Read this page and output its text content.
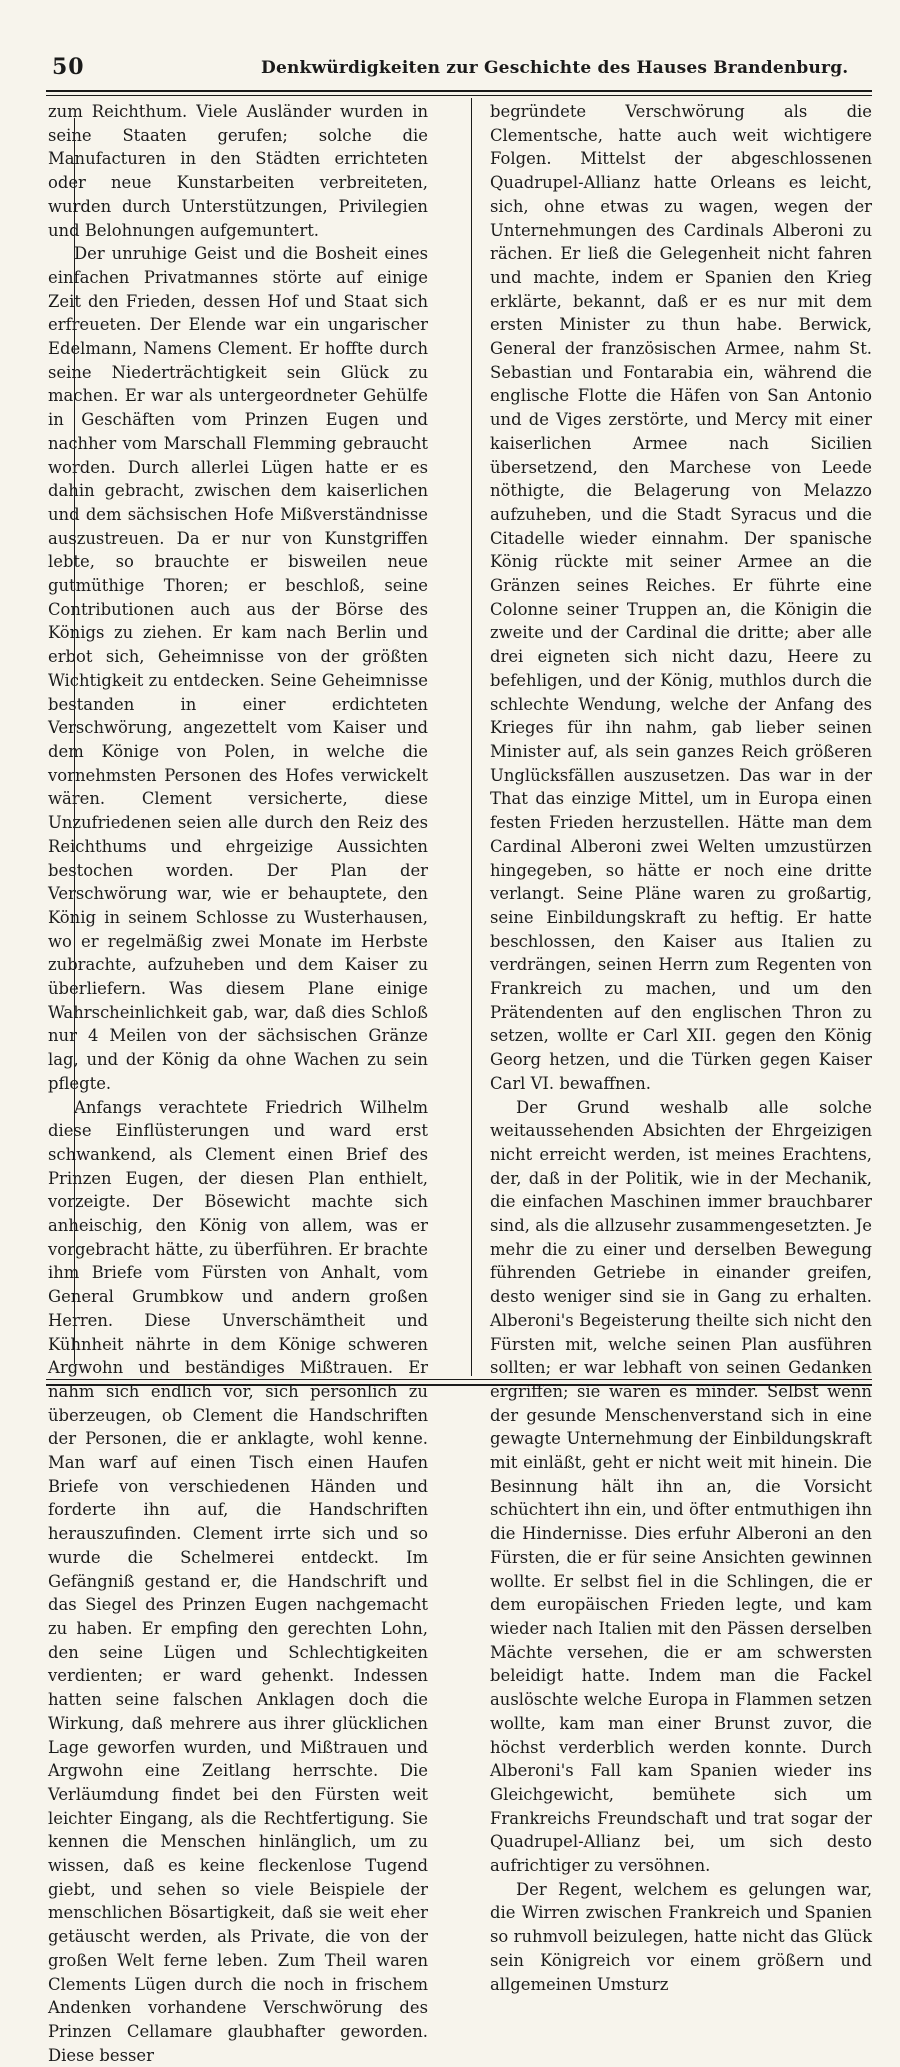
50	Denkwürdigkeiten zur Geschichte des Hauses Brandenburg.

zum Reichthum. Viele Ausländer wurden in seine Staaten gerufen; solche die Manufacturen in den Städten errichteten oder neue Kunstarbeiten verbreiteten, wurden durch Unterstützungen, Privilegien und Belohnungen aufgemuntert.

Der unruhige Geist und die Bosheit eines einfachen Privatmannes störte auf einige Zeit den Frieden, dessen Hof und Staat sich erfreueten. Der Elende war ein ungarischer Edelmann, Namens Clement. Er hoffte durch seine Niederträchtigkeit sein Glück zu machen. Er war als untergeordneter Gehülfe in Geschäften vom Prinzen Eugen und nachher vom Marschall Flemming gebraucht worden. Durch allerlei Lügen hatte er es dahin gebracht, zwischen dem kaiserlichen und dem sächsischen Hofe Mißverständnisse auszustreuen. Da er nur von Kunstgriffen lebte, so brauchte er bisweilen neue gutmüthige Thoren; er beschloß, seine Contributionen auch aus der Börse des Königs zu ziehen. Er kam nach Berlin und erbot sich, Geheimnisse von der größten Wichtigkeit zu entdecken. Seine Geheimnisse bestanden in einer erdichteten Verschwörung, angezettelt vom Kaiser und dem Könige von Polen, in welche die vornehmsten Personen des Hofes verwickelt wären. Clement versicherte, diese Unzufriedenen seien alle durch den Reiz des Reichthums und ehrgeizige Aussichten bestochen worden. Der Plan der Verschwörung war, wie er behauptete, den König in seinem Schlosse zu Wusterhausen, wo er regelmäßig zwei Monate im Herbste zubrachte, aufzuheben und dem Kaiser zu überliefern. Was diesem Plane einige Wahrscheinlichkeit gab, war, daß dies Schloß nur 4 Meilen von der sächsischen Gränze lag, und der König da ohne Wachen zu sein pflegte.

Anfangs verachtete Friedrich Wilhelm diese Einflüsterungen und ward erst schwankend, als Clement einen Brief des Prinzen Eugen, der diesen Plan enthielt, vorzeigte. Der Bösewicht machte sich anheischig, den König von allem, was er vorgebracht hätte, zu überführen. Er brachte ihm Briefe vom Fürsten von Anhalt, vom General Grumbkow und andern großen Herren. Diese Unverschämtheit und Kühnheit nährte in dem Könige schweren Argwohn und beständiges Mißtrauen. Er nahm sich endlich vor, sich persönlich zu überzeugen, ob Clement die Handschriften der Personen, die er anklagte, wohl kenne. Man warf auf einen Tisch einen Haufen Briefe von verschiedenen Händen und forderte ihn auf, die Handschriften herauszufinden. Clement irrte sich und so wurde die Schelmerei entdeckt. Im Gefängniß gestand er, die Handschrift und das Siegel des Prinzen Eugen nachgemacht zu haben. Er empfing den gerechten Lohn, den seine Lügen und Schlechtigkeiten verdienten; er ward gehenkt. Indessen hatten seine falschen Anklagen doch die Wirkung, daß mehrere aus ihrer glücklichen Lage geworfen wurden, und Mißtrauen und Argwohn eine Zeitlang herrschte. Die Verläumdung findet bei den Fürsten weit leichter Eingang, als die Rechtfertigung. Sie kennen die Menschen hinlänglich, um zu wissen, daß es keine fleckenlose Tugend giebt, und sehen so viele Beispiele der menschlichen Bösartigkeit, daß sie weit eher getäuscht werden, als Private, die von der großen Welt ferne leben. Zum Theil waren Clements Lügen durch die noch in frischem Andenken vorhandene Verschwörung des Prinzen Cellamare glaubhafter geworden. Diese besser

begründete Verschwörung als die Clementsche, hatte auch weit wichtigere Folgen. Mittelst der abgeschlossenen Quadrupel-Allianz hatte Orleans es leicht, sich, ohne etwas zu wagen, wegen der Unternehmungen des Cardinals Alberoni zu rächen. Er ließ die Gelegenheit nicht fahren und machte, indem er Spanien den Krieg erklärte, bekannt, daß er es nur mit dem ersten Minister zu thun habe. Berwick, General der französischen Armee, nahm St. Sebastian und Fontarabia ein, während die englische Flotte die Häfen von San Antonio und de Viges zerstörte, und Mercy mit einer kaiserlichen Armee nach Sicilien übersetzend, den Marchese von Leede nöthigte, die Belagerung von Melazzo aufzuheben, und die Stadt Syracus und die Citadelle wieder einnahm. Der spanische König rückte mit seiner Armee an die Gränzen seines Reiches. Er führte eine Colonne seiner Truppen an, die Königin die zweite und der Cardinal die dritte; aber alle drei eigneten sich nicht dazu, Heere zu befehligen, und der König, muthlos durch die schlechte Wendung, welche der Anfang des Krieges für ihn nahm, gab lieber seinen Minister auf, als sein ganzes Reich größeren Unglücksfällen auszusetzen. Das war in der That das einzige Mittel, um in Europa einen festen Frieden herzustellen. Hätte man dem Cardinal Alberoni zwei Welten umzustürzen hingegeben, so hätte er noch eine dritte verlangt. Seine Pläne waren zu großartig, seine Einbildungskraft zu heftig. Er hatte beschlossen, den Kaiser aus Italien zu verdrängen, seinen Herrn zum Regenten von Frankreich zu machen, und um den Prätendenten auf den englischen Thron zu setzen, wollte er Carl XII. gegen den König Georg hetzen, und die Türken gegen Kaiser Carl VI. bewaffnen.

Der Grund weshalb alle solche weitaussehenden Absichten der Ehrgeizigen nicht erreicht werden, ist meines Erachtens, der, daß in der Politik, wie in der Mechanik, die einfachen Maschinen immer brauchbarer sind, als die allzusehr zusammengesetzten. Je mehr die zu einer und derselben Bewegung führenden Getriebe in einander greifen, desto weniger sind sie in Gang zu erhalten. Alberoni's Begeisterung theilte sich nicht den Fürsten mit, welche seinen Plan ausführen sollten; er war lebhaft von seinen Gedanken ergriffen; sie waren es minder. Selbst wenn der gesunde Menschenverstand sich in eine gewagte Unternehmung der Einbildungskraft mit einläßt, geht er nicht weit mit hinein. Die Besinnung hält ihn an, die Vorsicht schüchtert ihn ein, und öfter entmuthigen ihn die Hindernisse. Dies erfuhr Alberoni an den Fürsten, die er für seine Ansichten gewinnen wollte. Er selbst fiel in die Schlingen, die er dem europäischen Frieden legte, und kam wieder nach Italien mit den Pässen derselben Mächte versehen, die er am schwersten beleidigt hatte. Indem man die Fackel auslöschte welche Europa in Flammen setzen wollte, kam man einer Brunst zuvor, die höchst verderblich werden konnte. Durch Alberoni's Fall kam Spanien wieder ins Gleichgewicht, bemühete sich um Frankreichs Freundschaft und trat sogar der Quadrupel-Allianz bei, um sich desto aufrichtiger zu versöhnen.

Der Regent, welchem es gelungen war, die Wirren zwischen Frankreich und Spanien so ruhmvoll beizulegen, hatte nicht das Glück sein Königreich vor einem größern und allgemeinen Umsturz
